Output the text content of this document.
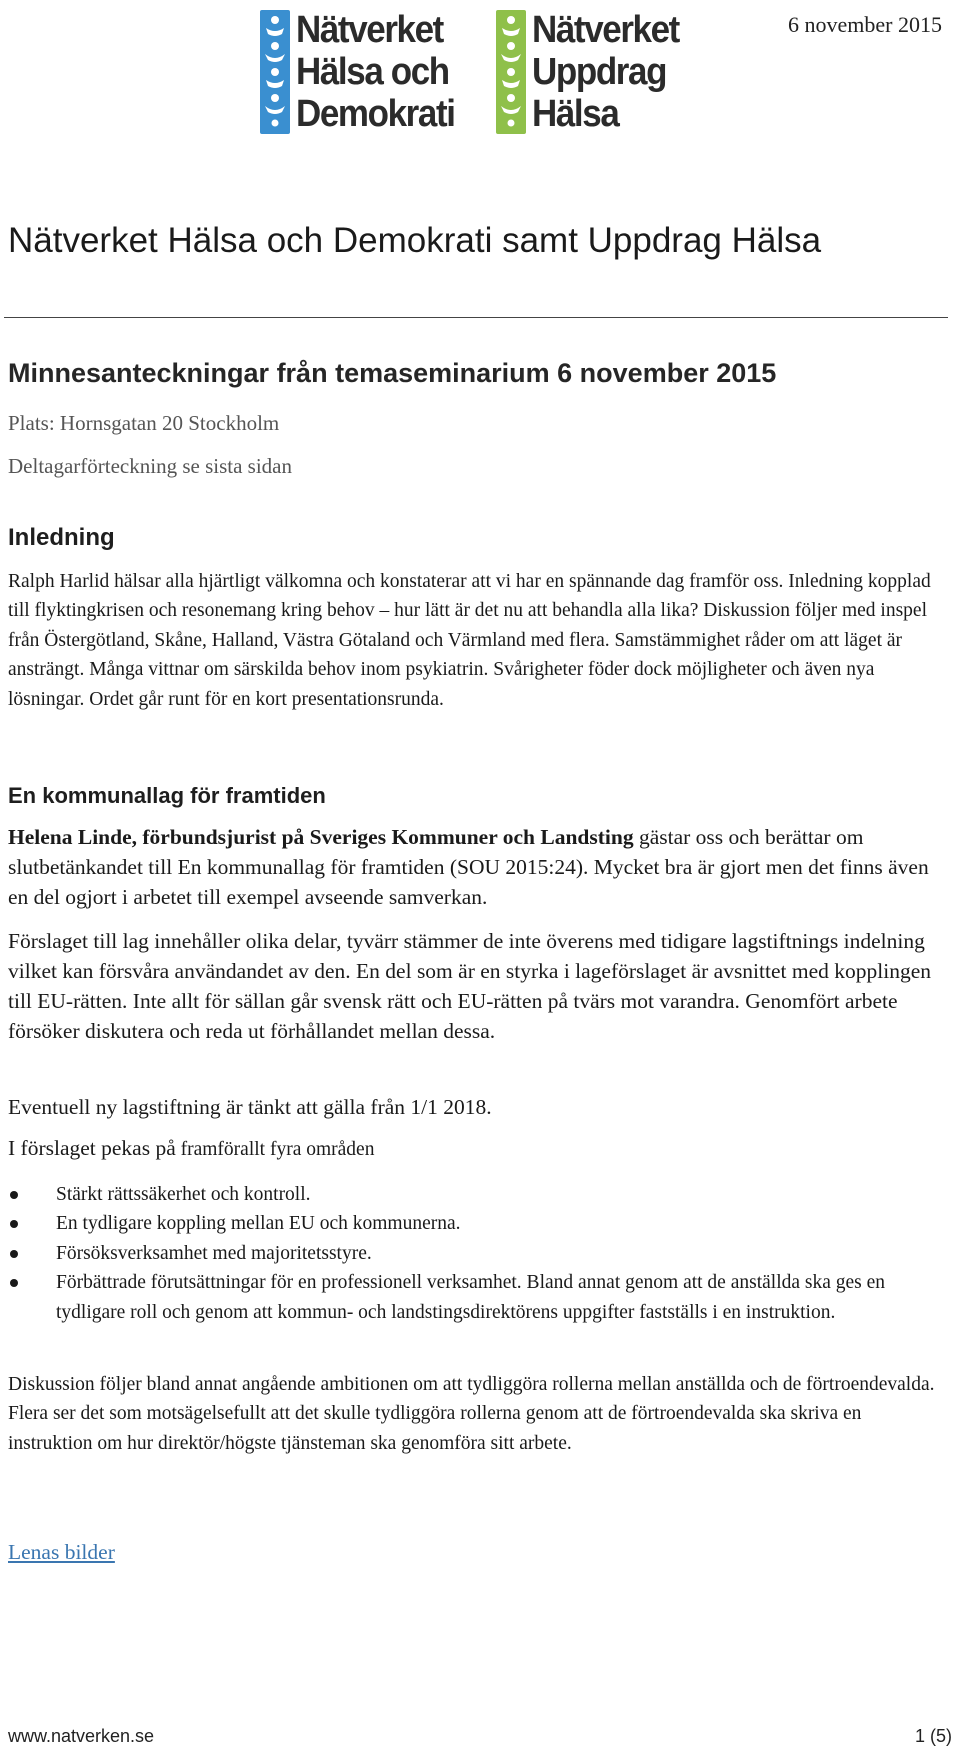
Nätverket
Hälsa och
Demokrati
Nätverket
Uppdrag
Hälsa
6 november 2015
Nätverket Hälsa och Demokrati samt Uppdrag Hälsa
Minnesanteckningar från temaseminarium 6 november 2015
Plats: Hornsgatan 20 Stockholm
Deltagarförteckning se sista sidan
Inledning

Ralph Harlid hälsar alla hjärtligt välkomna och konstaterar att vi har en spännande dag framför oss. Inledning kopplad till flyktingkrisen och resonemang kring behov – hur lätt är det nu att behandla alla lika? Diskussion följer med inspel från Östergötland, Skåne, Halland, Västra Götaland och Värmland med flera. Samstämmighet råder om att läget är ansträngt. Många vittnar om särskilda behov inom psykiatrin. Svårigheter föder dock möjligheter och även nya lösningar. Ordet går runt för en kort presentationsrunda.

En kommunallag för framtiden

Helena Linde, förbundsjurist på Sveriges Kommuner och Landsting gästar oss och berättar om slutbetänkandet till En kommunallag för framtiden (SOU 2015:24). Mycket bra är gjort men det finns även en del ogjort i arbetet till exempel avseende samverkan.

Förslaget till lag innehåller olika delar, tyvärr stämmer de inte överens med tidigare lagstiftnings indelning vilket kan försvåra användandet av den. En del som är en styrka i lageförslaget är avsnittet med kopplingen till EU-rätten. Inte allt för sällan går svensk rätt och EU-rätten på tvärs mot varandra. Genomfört arbete försöker diskutera och reda ut förhållandet mellan dessa.

Eventuell ny lagstiftning är tänkt att gälla från 1/1 2018.

I förslaget pekas på framförallt fyra områden

Stärkt rättssäkerhet och kontroll.
En tydligare koppling mellan EU och kommunerna.
Försöksverksamhet med majoritetsstyre.
Förbättrade förutsättningar för en professionell verksamhet. Bland annat genom att de anställda ska ges en tydligare roll och genom att kommun- och landstingsdirektörens uppgifter fastställs i en instruktion.

Diskussion följer bland annat angående ambitionen om att tydliggöra rollerna mellan anställda och de förtroendevalda. Flera ser det som motsägelsefullt att det skulle tydliggöra rollerna genom att de förtroendevalda ska skriva en instruktion om hur direktör/högste tjänsteman ska genomföra sitt arbete.

Lenas bilder
www.natverken.se	1 (5)
